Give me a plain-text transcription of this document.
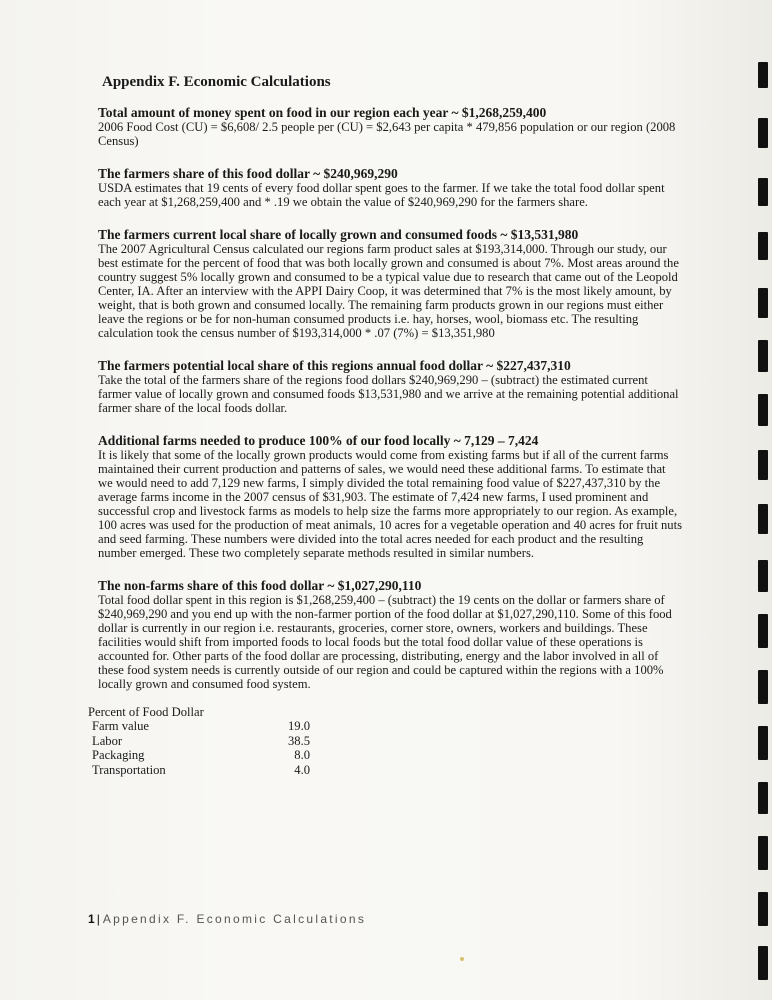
Appendix F. Economic Calculations
Total amount of money spent on food in our region each year ~ $1,268,259,400

2006 Food Cost (CU) = $6,608/ 2.5 people per (CU) = $2,643 per capita * 479,856 population or our region (2008 Census)

The farmers share of this food dollar ~ $240,969,290

USDA estimates that 19 cents of every food dollar spent goes to the farmer. If we take the total food dollar spent each year at $1,268,259,400 and * .19 we obtain the value of $240,969,290 for the farmers share.

The farmers current local share of locally grown and consumed foods ~ $13,531,980

The 2007 Agricultural Census calculated our regions farm product sales at $193,314,000. Through our study, our best estimate for the percent of food that was both locally grown and consumed is about 7%. Most areas around the country suggest 5% locally grown and consumed to be a typical value due to research that came out of the Leopold Center, IA. After an interview with the APPI Dairy Coop, it was determined that 7% is the most likely amount, by weight, that is both grown and consumed locally. The remaining farm products grown in our regions must either leave the regions or be for non-human consumed products i.e. hay, horses, wool, biomass etc. The resulting calculation took the census number of $193,314,000 * .07 (7%) = $13,351,980

The farmers potential local share of this regions annual food dollar ~ $227,437,310

Take the total of the farmers share of the regions food dollars $240,969,290 – (subtract) the estimated current farmer value of locally grown and consumed foods $13,531,980 and we arrive at the remaining potential additional farmer share of the local foods dollar.

Additional farms needed to produce 100% of our food locally ~ 7,129 – 7,424

It is likely that some of the locally grown products would come from existing farms but if all of the current farms maintained their current production and patterns of sales, we would need these additional farms. To estimate that we would need to add 7,129 new farms, I simply divided the total remaining food value of $227,437,310 by the average farms income in the 2007 census of $31,903. The estimate of 7,424 new farms, I used prominent and successful crop and livestock farms as models to help size the farms more appropriately to our region. As example, 100 acres was used for the production of meat animals, 10 acres for a vegetable operation and 40 acres for fruit nuts and seed farming. These numbers were divided into the total acres needed for each product and the resulting number emerged. These two completely separate methods resulted in similar numbers.

The non-farms share of this food dollar ~ $1,027,290,110

Total food dollar spent in this region is $1,268,259,400 – (subtract) the 19 cents on the dollar or farmers share of $240,969,290 and you end up with the non-farmer portion of the food dollar at $1,027,290,110. Some of this food dollar is currently in our region i.e. restaurants, groceries, corner store, owners, workers and buildings. These facilities would shift from imported foods to local foods but the total food dollar value of these operations is accounted for. Other parts of the food dollar are processing, distributing, energy and the labor involved in all of these food system needs is currently outside of our region and could be captured within the regions with a 100% locally grown and consumed food system.

Percent of Food Dollar

Farm value	19.0
Labor	38.5
Packaging	8.0
Transportation	4.0
1 | Appendix F. Economic Calculations
